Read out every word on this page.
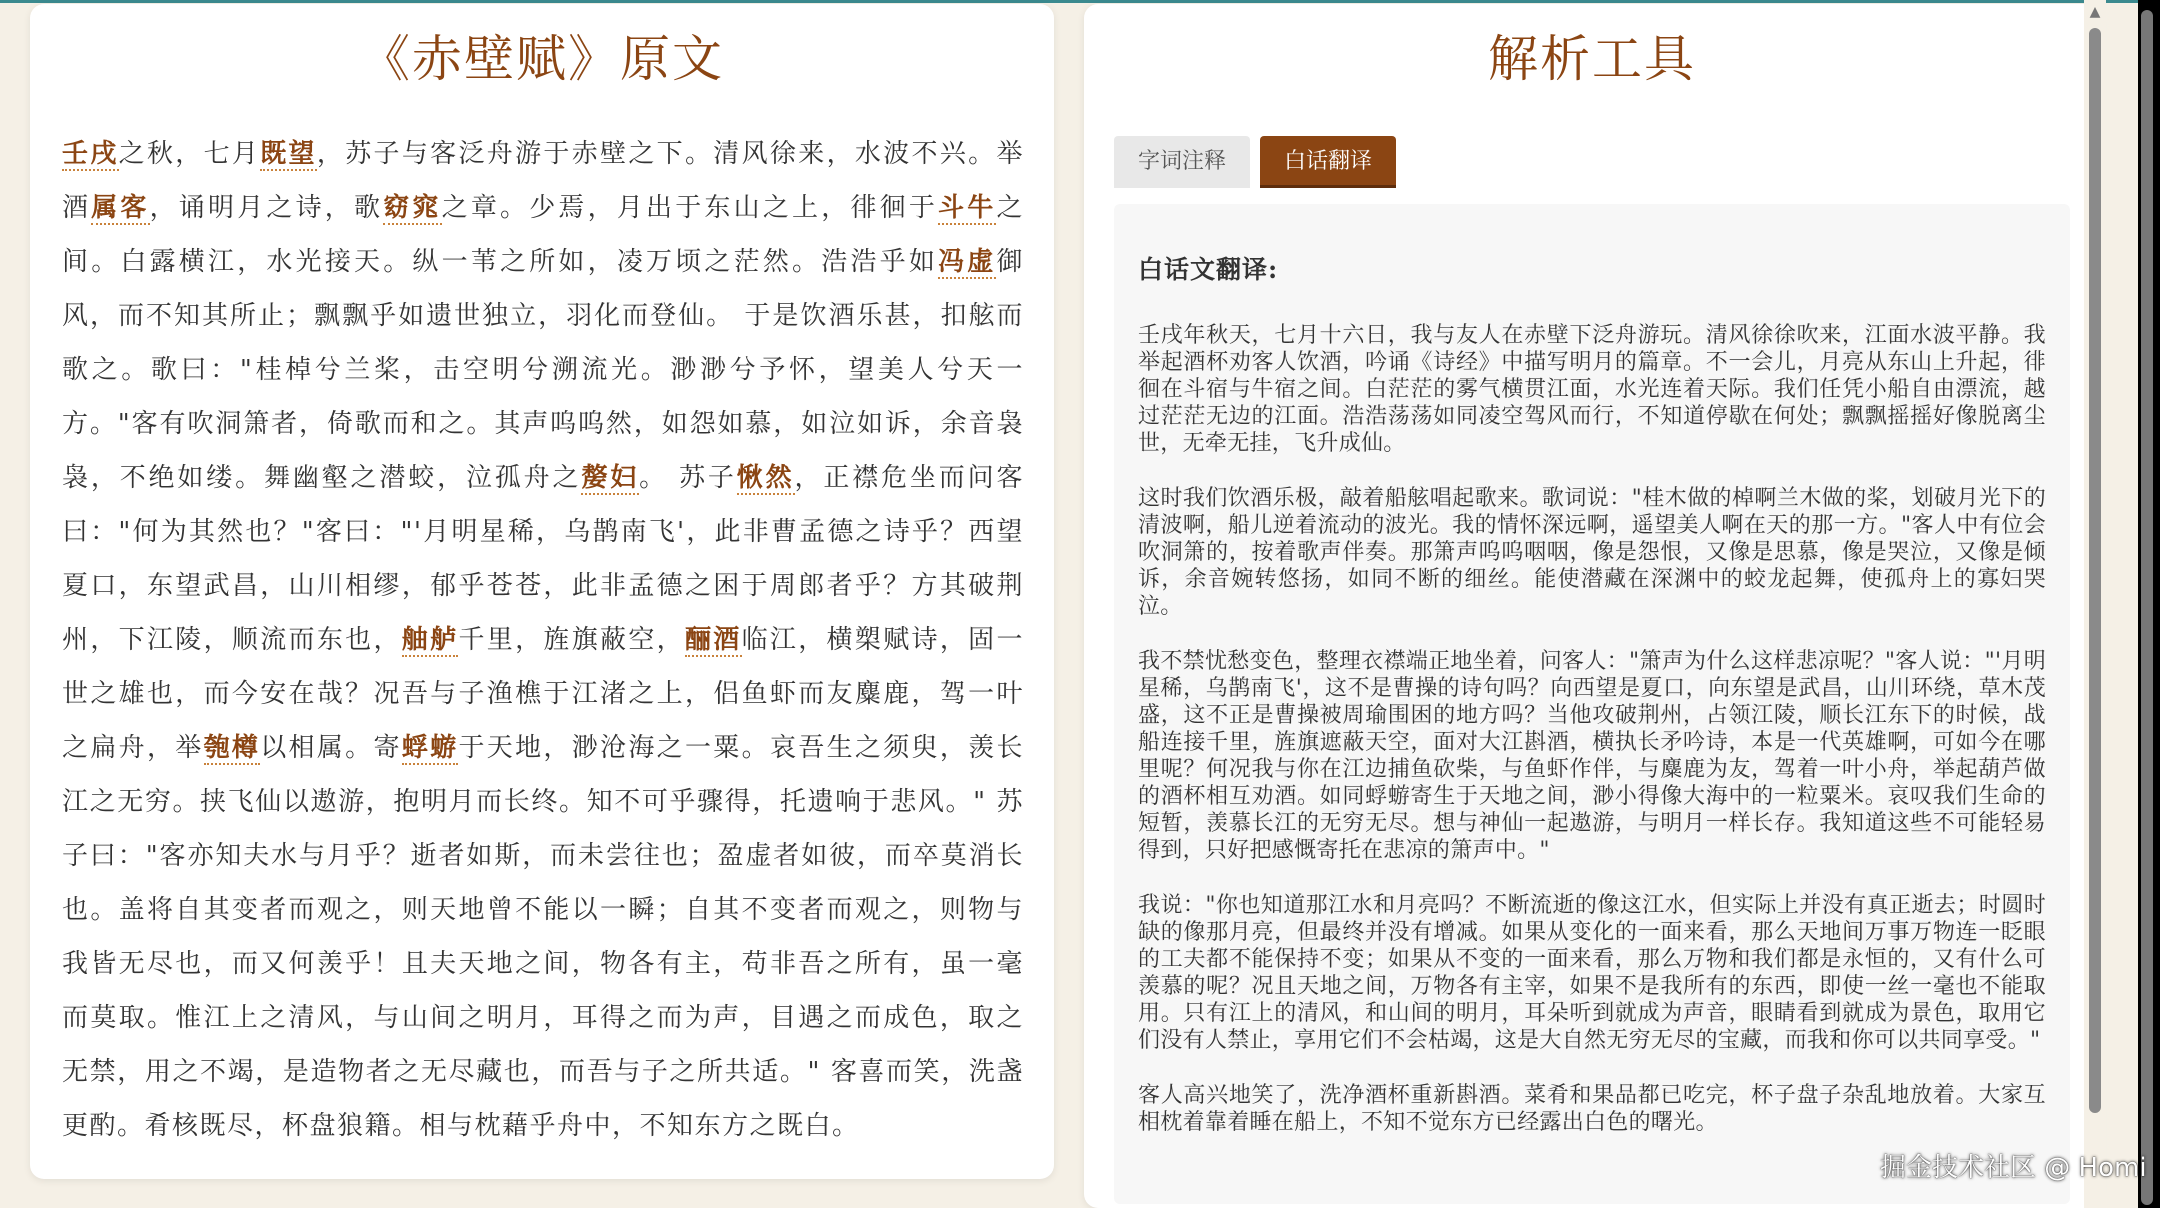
《赤壁赋》原文
壬戌之秋，七月既望，苏子与客泛舟游于赤壁之下。清风徐来，水波不兴。举酒属客，诵明月之诗，歌窈窕之章。少焉，月出于东山之上，徘徊于斗牛之间。白露横江，水光接天。纵一苇之所如，凌万顷之茫然。浩浩乎如冯虚御风，而不知其所止；飘飘乎如遗世独立，羽化而登仙。 于是饮酒乐甚，扣舷而歌之。歌曰："桂棹兮兰桨，击空明兮溯流光。渺渺兮予怀，望美人兮天一方。"客有吹洞箫者，倚歌而和之。其声呜呜然，如怨如慕，如泣如诉，余音袅袅，不绝如缕。舞幽壑之潜蛟，泣孤舟之嫠妇。 苏子愀然，正襟危坐而问客曰："何为其然也？"客曰："'月明星稀，乌鹊南飞'，此非曹孟德之诗乎？西望夏口，东望武昌，山川相缪，郁乎苍苍，此非孟德之困于周郎者乎？方其破荆州，下江陵，顺流而东也，舳舻千里，旌旗蔽空，酾酒临江，横槊赋诗，固一世之雄也，而今安在哉？况吾与子渔樵于江渚之上，侣鱼虾而友麋鹿，驾一叶之扁舟，举匏樽以相属。寄蜉蝣于天地，渺沧海之一粟。哀吾生之须臾，羡长江之无穷。挟飞仙以遨游，抱明月而长终。知不可乎骤得，托遗响于悲风。" 苏子曰："客亦知夫水与月乎？逝者如斯，而未尝往也；盈虚者如彼，而卒莫消长也。盖将自其变者而观之，则天地曾不能以一瞬；自其不变者而观之，则物与我皆无尽也，而又何羡乎！且夫天地之间，物各有主，苟非吾之所有，虽一毫而莫取。惟江上之清风，与山间之明月，耳得之而为声，目遇之而成色，取之无禁，用之不竭，是造物者之无尽藏也，而吾与子之所共适。" 客喜而笑，洗盏更酌。肴核既尽，杯盘狼籍。相与枕藉乎舟中，不知东方之既白。
解析工具
字词注释	白话翻译

白话文翻译:

壬戌年秋天，七月十六日，我与友人在赤壁下泛舟游玩。清风徐徐吹来，江面水波平静。我举起酒杯劝客人饮酒，吟诵《诗经》中描写明月的篇章。不一会儿，月亮从东山上升起，徘徊在斗宿与牛宿之间。白茫茫的雾气横贯江面，水光连着天际。我们任凭小船自由漂流，越过茫茫无边的江面。浩浩荡荡如同凌空驾风而行，不知道停歇在何处；飘飘摇摇好像脱离尘世，无牵无挂，飞升成仙。

这时我们饮酒乐极，敲着船舷唱起歌来。歌词说："桂木做的棹啊兰木做的桨，划破月光下的清波啊，船儿逆着流动的波光。我的情怀深远啊，遥望美人啊在天的那一方。"客人中有位会吹洞箫的，按着歌声伴奏。那箫声呜呜咽咽，像是怨恨，又像是思慕，像是哭泣，又像是倾诉，余音婉转悠扬，如同不断的细丝。能使潜藏在深渊中的蛟龙起舞，使孤舟上的寡妇哭泣。

我不禁忧愁变色，整理衣襟端正地坐着，问客人："箫声为什么这样悲凉呢？"客人说："'月明星稀，乌鹊南飞'，这不是曹操的诗句吗？向西望是夏口，向东望是武昌，山川环绕，草木茂盛，这不正是曹操被周瑜围困的地方吗？当他攻破荆州，占领江陵，顺长江东下的时候，战船连接千里，旌旗遮蔽天空，面对大江斟酒，横执长矛吟诗，本是一代英雄啊，可如今在哪里呢？何况我与你在江边捕鱼砍柴，与鱼虾作伴，与麋鹿为友，驾着一叶小舟，举起葫芦做的酒杯相互劝酒。如同蜉蝣寄生于天地之间，渺小得像大海中的一粒粟米。哀叹我们生命的短暂，羡慕长江的无穷无尽。想与神仙一起遨游，与明月一样长存。我知道这些不可能轻易得到，只好把感慨寄托在悲凉的箫声中。"

我说："你也知道那江水和月亮吗？不断流逝的像这江水，但实际上并没有真正逝去；时圆时缺的像那月亮，但最终并没有增减。如果从变化的一面来看，那么天地间万事万物连一眨眼的工夫都不能保持不变；如果从不变的一面来看，那么万物和我们都是永恒的，又有什么可羡慕的呢？况且天地之间，万物各有主宰，如果不是我所有的东西，即使一丝一毫也不能取用。只有江上的清风，和山间的明月，耳朵听到就成为声音，眼睛看到就成为景色，取用它们没有人禁止，享用它们不会枯竭，这是大自然无穷无尽的宝藏，而我和你可以共同享受。"

客人高兴地笑了，洗净酒杯重新斟酒。菜肴和果品都已吃完，杯子盘子杂乱地放着。大家互相枕着靠着睡在船上，不知不觉东方已经露出白色的曙光。

▲
掘金技术社区 @ Homi
